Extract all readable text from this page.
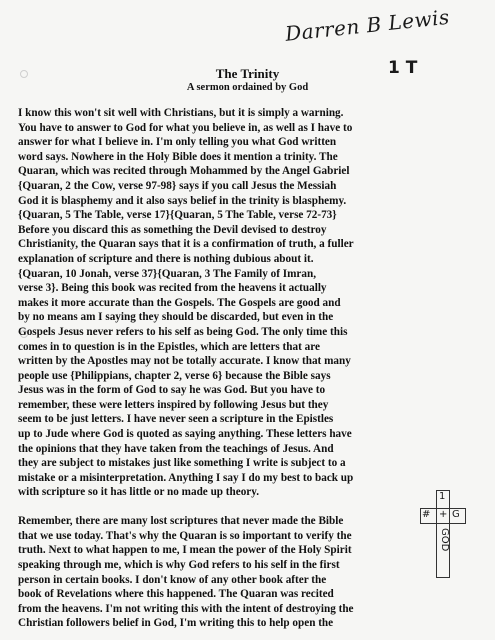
Darren B Lewis
1 T
The Trinity
A sermon ordained by God
I know this won't sit well with Christians, but it is simply a warning.
You have to answer to God for what you believe in, as well as I have to
answer for what I believe in. I'm only telling you what God written
word says. Nowhere in the Holy Bible does it mention a trinity. The
Quaran, which was recited through Mohammed by the Angel Gabriel
{Quaran, 2 the Cow, verse 97-98} says if you call Jesus the Messiah
God it is blasphemy and it also says belief in the trinity is blasphemy.
{Quaran, 5 The Table, verse 17}{Quaran, 5 The Table, verse 72-73}
Before you discard this as something the Devil devised to destroy
Christianity, the Quaran says that it is a confirmation of truth, a fuller
explanation of scripture and there is nothing dubious about it.
{Quaran, 10 Jonah, verse 37}{Quaran, 3 The Family of Imran,
verse 3}. Being this book was recited from the heavens it actually
makes it more accurate than the Gospels. The Gospels are good and
by no means am I saying they should be discarded, but even in the
Gospels Jesus never refers to his self as being God. The only time this
comes in to question is in the Epistles, which are letters that are
written by the Apostles may not be totally accurate. I know that many
people use {Philippians, chapter 2, verse 6} because the Bible says
Jesus was in the form of God to say he was God. But you have to
remember, these were letters inspired by following Jesus but they
seem to be just letters. I have never seen a scripture in the Epistles
up to Jude where God is quoted as saying anything. These letters have
the opinions that they have taken from the teachings of Jesus. And
they are subject to mistakes just like something I write is subject to a
mistake or a misinterpretation. Anything I say I do my best to back up
with scripture so it has little or no made up theory.
Remember, there are many lost scriptures that never made the Bible
that we use today. That's why the Quaran is so important to verify the
truth. Next to what happen to me, I mean the power of the Holy Spirit
speaking through me, which is why God refers to his self in the first
person in certain books. I don't know of any other book after the
book of Revelations where this happened. The Quaran was recited
from the heavens. I'm not writing this with the intent of destroying the
Christian followers belief in God, I'm writing this to help open the
1
# + G
GOD
